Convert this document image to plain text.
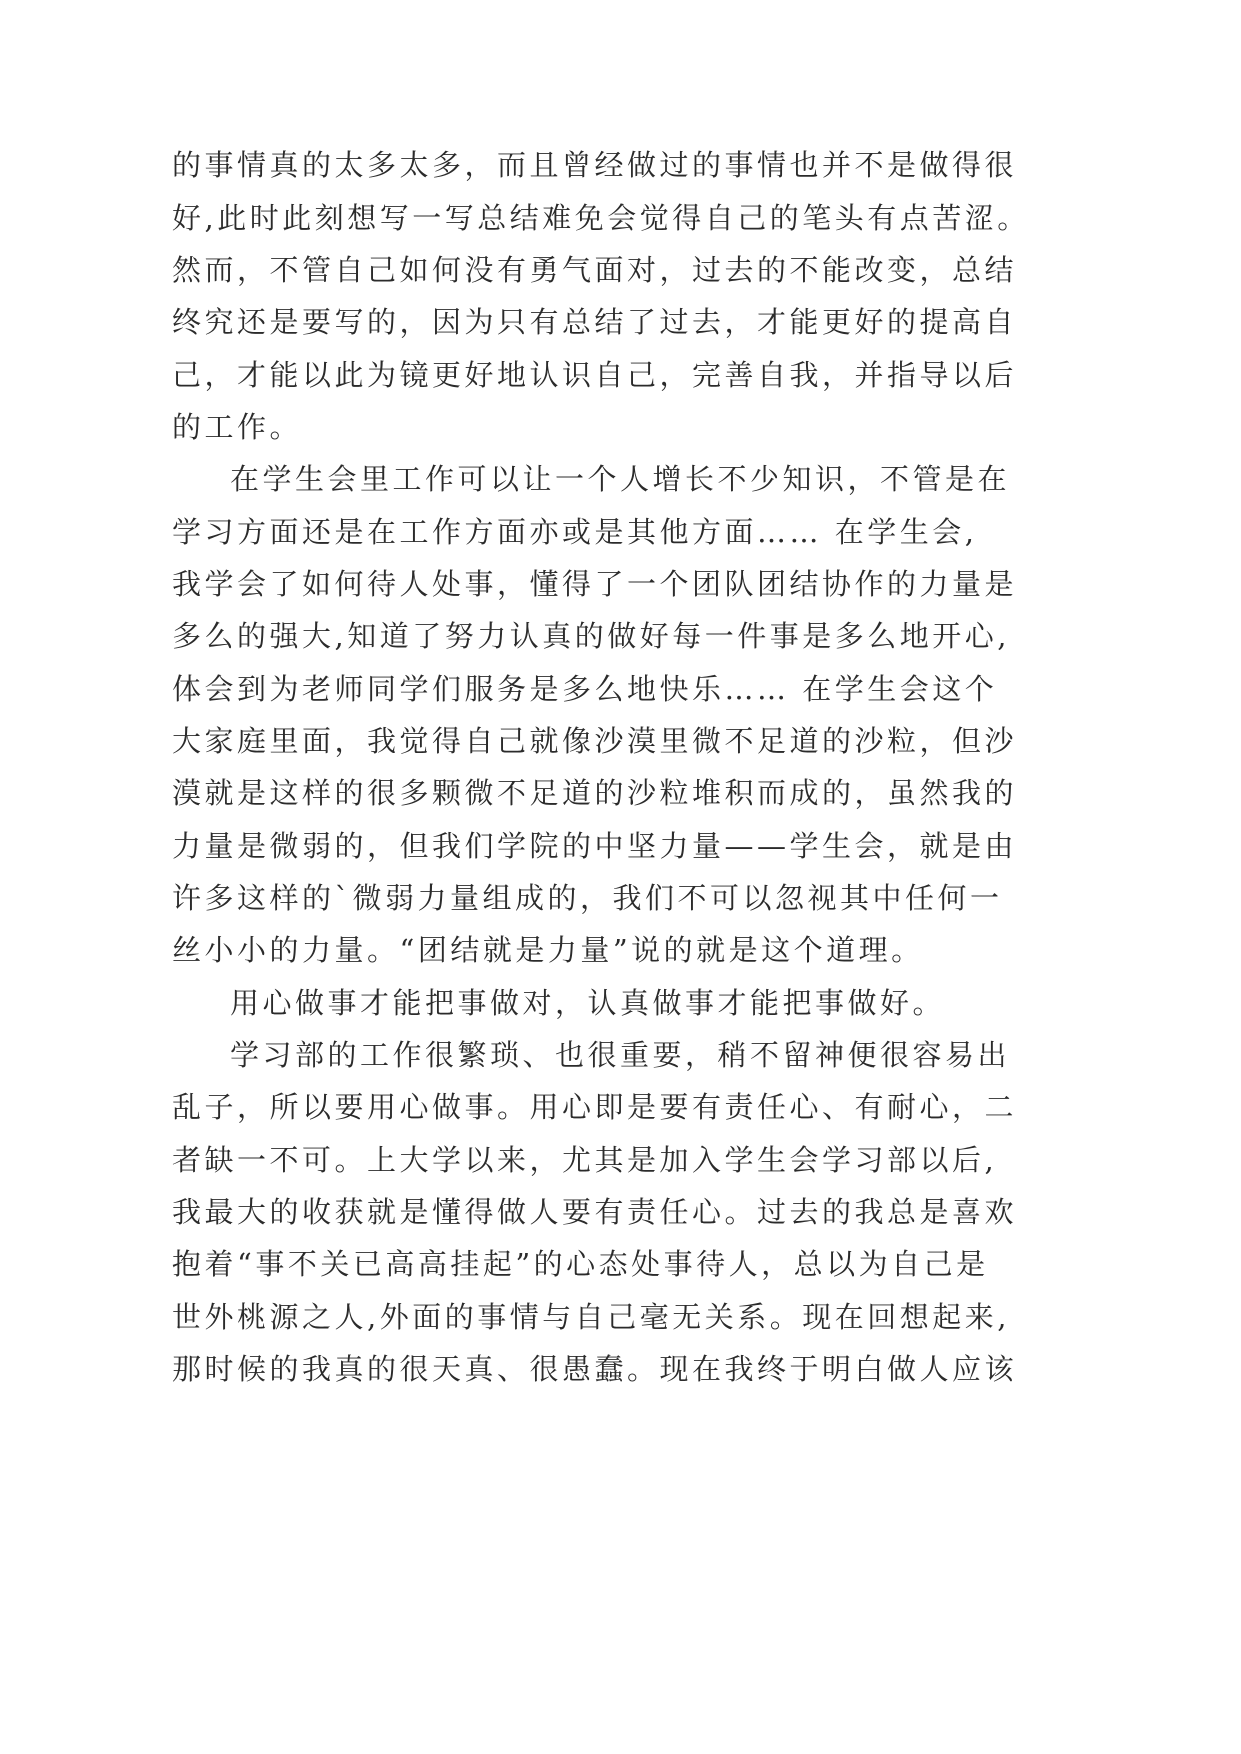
的事情真的太多太多，而且曾经做过的事情也并不是做得很
好,此时此刻想写一写总结难免会觉得自己的笔头有点苦涩。
然而，不管自己如何没有勇气面对，过去的不能改变，总结
终究还是要写的，因为只有总结了过去，才能更好的提高自
己，才能以此为镜更好地认识自己，完善自我，并指导以后
的工作。
在学生会里工作可以让一个人增长不少知识，不管是在
学习方面还是在工作方面亦或是其他方面…… 在学生会,
我学会了如何待人处事，懂得了一个团队团结协作的力量是
多么的强大,知道了努力认真的做好每一件事是多么地开心,
体会到为老师同学们服务是多么地快乐…… 在学生会这个
大家庭里面，我觉得自己就像沙漠里微不足道的沙粒，但沙
漠就是这样的很多颗微不足道的沙粒堆积而成的，虽然我的
力量是微弱的，但我们学院的中坚力量——学生会，就是由
许多这样的`微弱力量组成的，我们不可以忽视其中任何一
丝小小的力量。“团结就是力量”说的就是这个道理。
用心做事才能把事做对，认真做事才能把事做好。
学习部的工作很繁琐、也很重要，稍不留神便很容易出
乱子，所以要用心做事。用心即是要有责任心、有耐心，二
者缺一不可。上大学以来，尤其是加入学生会学习部以后,
我最大的收获就是懂得做人要有责任心。过去的我总是喜欢
抱着“事不关已高高挂起”的心态处事待人，总以为自己是
世外桃源之人,外面的事情与自己毫无关系。现在回想起来,
那时候的我真的很天真、很愚蠢。现在我终于明白做人应该
